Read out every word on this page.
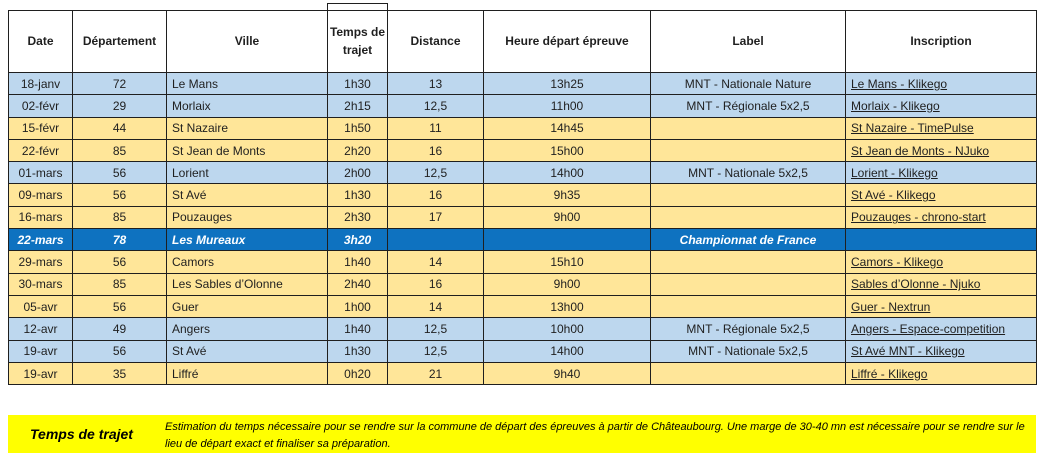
Date	Département	Ville	Temps de trajet	Distance	Heure départ épreuve	Label	Inscription
18-janv	72	Le Mans	1h30	13	13h25	MNT - Nationale Nature	Le Mans - Klikego
02-févr	29	Morlaix	2h15	12,5	11h00	MNT - Régionale 5x2,5	Morlaix - Klikego
15-févr	44	St Nazaire	1h50	11	14h45		St Nazaire - TimePulse
22-févr	85	St Jean de Monts	2h20	16	15h00		St Jean de Monts - NJuko
01-mars	56	Lorient	2h00	12,5	14h00	MNT - Nationale 5x2,5	Lorient - Klikego
09-mars	56	St Avé	1h30	16	9h35		St Avé - Klikego
16-mars	85	Pouzauges	2h30	17	9h00		Pouzauges - chrono-start
22-mars	78	Les Mureaux	3h20			Championnat de France	
29-mars	56	Camors	1h40	14	15h10		Camors - Klikego
30-mars	85	Les Sables d’Olonne	2h40	16	9h00		Sables d’Olonne - Njuko
05-avr	56	Guer	1h00	14	13h00		Guer - Nextrun
12-avr	49	Angers	1h40	12,5	10h00	MNT - Régionale 5x2,5	Angers - Espace-competition
19-avr	56	St Avé	1h30	12,5	14h00	MNT - Nationale 5x2,5	St Avé MNT - Klikego
19-avr	35	Liffré	0h20	21	9h40		Liffré - Klikego
Temps de trajet	Estimation du temps nécessaire pour se rendre sur la commune de départ des épreuves à partir de Châteaubourg. Une marge de 30-40 mn est nécessaire pour se rendre sur le lieu de départ exact et finaliser sa préparation.
